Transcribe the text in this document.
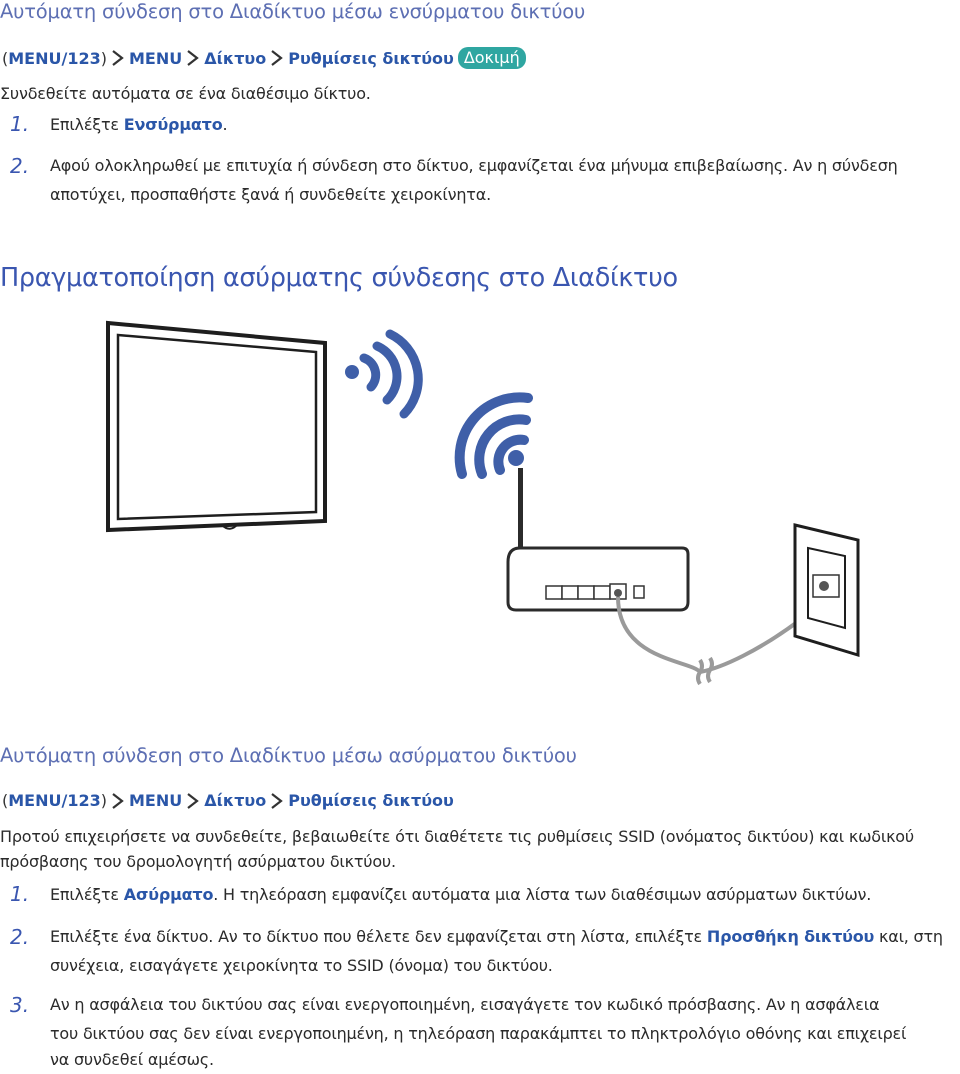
Αυτόματη σύνδεση στο Διαδίκτυο μέσω ενσύρματου δικτύου
( MENU/123 ) MENU Δίκτυο Ρυθμίσεις δικτύου Δοκιμή
Συνδεθείτε αυτόματα σε ένα διαθέσιμο δίκτυο.
1. Επιλέξτε Ενσύρματο.
2. Αφού ολοκληρωθεί με επιτυχία ή σύνδεση στο δίκτυο, εμφανίζεται ένα μήνυμα επιβεβαίωσης. Αν η σύνδεση
αποτύχει, προσπαθήστε ξανά ή συνδεθείτε χειροκίνητα.
Πραγματοποίηση ασύρματης σύνδεσης στο Διαδίκτυο
Αυτόματη σύνδεση στο Διαδίκτυο μέσω ασύρματου δικτύου
( MENU/123 ) MENU Δίκτυο Ρυθμίσεις δικτύου
Προτού επιχειρήσετε να συνδεθείτε, βεβαιωθείτε ότι διαθέτετε τις ρυθμίσεις SSID (ονόματος δικτύου) και κωδικού
πρόσβασης του δρομολογητή ασύρματου δικτύου.
1. Επιλέξτε Ασύρματο. Η τηλεόραση εμφανίζει αυτόματα μια λίστα των διαθέσιμων ασύρματων δικτύων.
2. Επιλέξτε ένα δίκτυο. Αν το δίκτυο που θέλετε δεν εμφανίζεται στη λίστα, επιλέξτε Προσθήκη δικτύου και, στη
συνέχεια, εισαγάγετε χειροκίνητα το SSID (όνομα) του δικτύου.
3. Αν η ασφάλεια του δικτύου σας είναι ενεργοποιημένη, εισαγάγετε τον κωδικό πρόσβασης. Αν η ασφάλεια
του δικτύου σας δεν είναι ενεργοποιημένη, η τηλεόραση παρακάμπτει το πληκτρολόγιο οθόνης και επιχειρεί
να συνδεθεί αμέσως.
